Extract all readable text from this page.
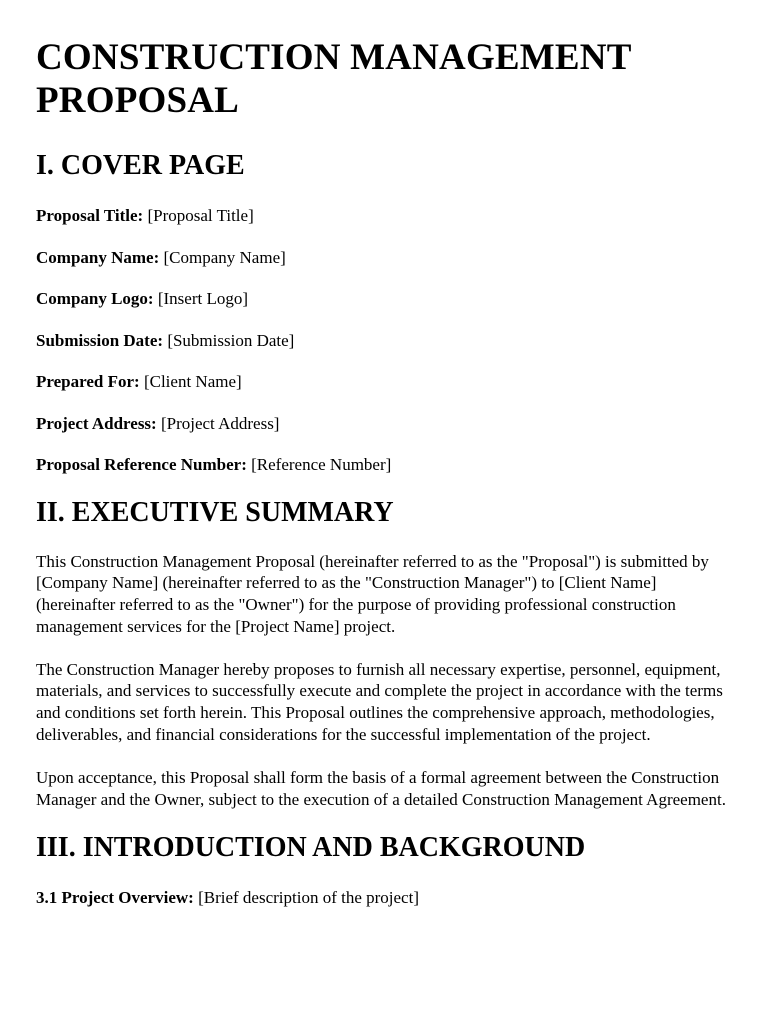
CONSTRUCTION MANAGEMENT
PROPOSAL
I. COVER PAGE
Proposal Title: [Proposal Title]
Company Name: [Company Name]
Company Logo: [Insert Logo]
Submission Date: [Submission Date]
Prepared For: [Client Name]
Project Address: [Project Address]
Proposal Reference Number: [Reference Number]
II. EXECUTIVE SUMMARY

This Construction Management Proposal (hereinafter referred to as the "Proposal") is submitted by [Company Name] (hereinafter referred to as the "Construction Manager") to [Client Name] (hereinafter referred to as the "Owner") for the purpose of providing professional construction management services for the [Project Name] project.

The Construction Manager hereby proposes to furnish all necessary expertise, personnel, equipment, materials, and services to successfully execute and complete the project in accordance with the terms and conditions set forth herein. This Proposal outlines the comprehensive approach, methodologies, deliverables, and financial considerations for the successful implementation of the project.

Upon acceptance, this Proposal shall form the basis of a formal agreement between the Construction Manager and the Owner, subject to the execution of a detailed Construction Management Agreement.

III. INTRODUCTION AND BACKGROUND
3.1 Project Overview: [Brief description of the project]
